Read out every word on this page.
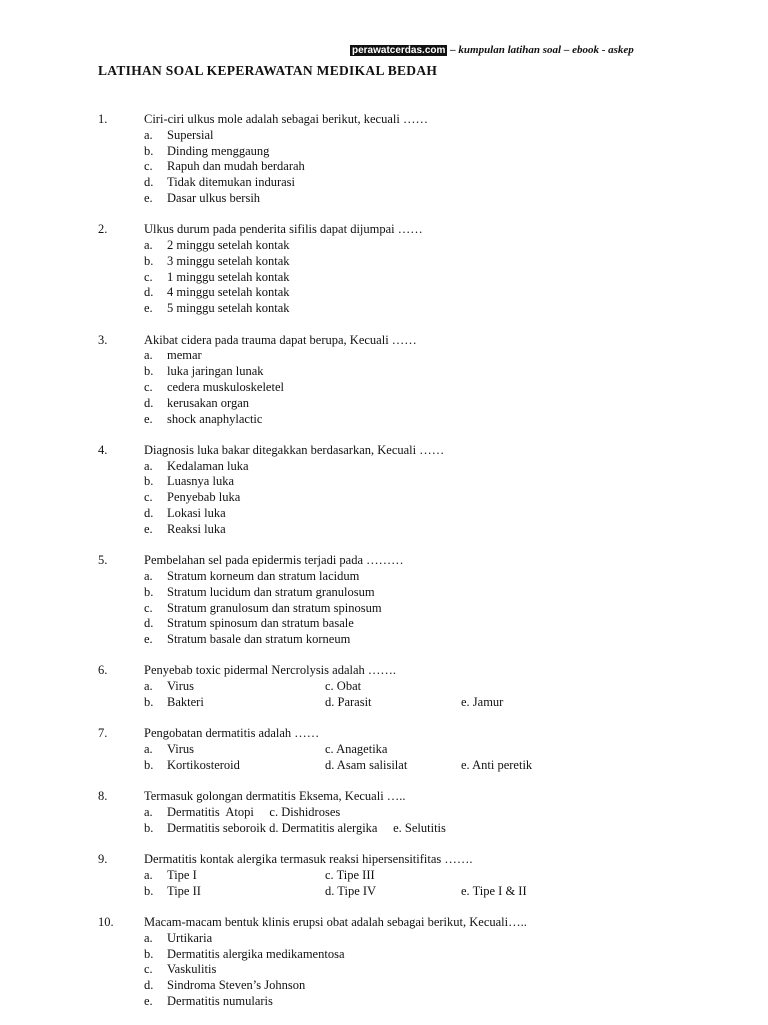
perawatcerdas.com – kumpulan latihan soal – ebook - askep
LATIHAN SOAL KEPERAWATAN MEDIKAL BEDAH
1.	Ciri-ciri ulkus mole adalah sebagai berikut, kecuali ……
a. Supersial
b. Dinding menggaung
c. Rapuh dan mudah berdarah
d. Tidak ditemukan indurasi
e. Dasar ulkus bersih
2.	Ulkus durum pada penderita sifilis dapat dijumpai ……
a. 2 minggu setelah kontak
b. 3 minggu setelah kontak
c. 1 minggu setelah kontak
d. 4 minggu setelah kontak
e. 5 minggu setelah kontak
3.	Akibat cidera pada trauma dapat berupa, Kecuali ……
a. memar
b. luka jaringan lunak
c. cedera muskuloskeletel
d. kerusakan organ
e. shock anaphylactic
4.	Diagnosis luka bakar ditegakkan berdasarkan, Kecuali ……
a. Kedalaman luka
b. Luasnya luka
c. Penyebab luka
d. Lokasi luka
e. Reaksi luka
5.	Pembelahan sel pada epidermis terjadi pada ………
a. Stratum korneum dan stratum lacidum
b. Stratum lucidum dan stratum granulosum
c. Stratum granulosum dan stratum spinosum
d. Stratum spinosum dan stratum basale
e. Stratum basale dan stratum korneum
6.	Penyebab toxic pidermal Nercrolysis adalah …….
a. Virus	c. Obat
b. Bakteri	d. Parasit	e. Jamur
7.	Pengobatan dermatitis adalah ……
a. Virus	c. Anagetika
b. Kortikosteroid	d. Asam salisilat	e. Anti peretik
8.	Termasuk golongan dermatitis Eksema, Kecuali …..
a. Dermatitis  Atopi     c. Dishidroses
b. Dermatitis seboroik d. Dermatitis alergika     e. Selutitis
9.	Dermatitis kontak alergika termasuk reaksi hipersensitifitas …….
a. Tipe I	c. Tipe III
b. Tipe II	d. Tipe IV	e. Tipe I & II
10. Macam-macam bentuk klinis erupsi obat adalah sebagai berikut, Kecuali…..
a. Urtikaria
b. Dermatitis alergika medikamentosa
c. Vaskulitis
d. Sindroma Steven’s Johnson
e. Dermatitis numularis
